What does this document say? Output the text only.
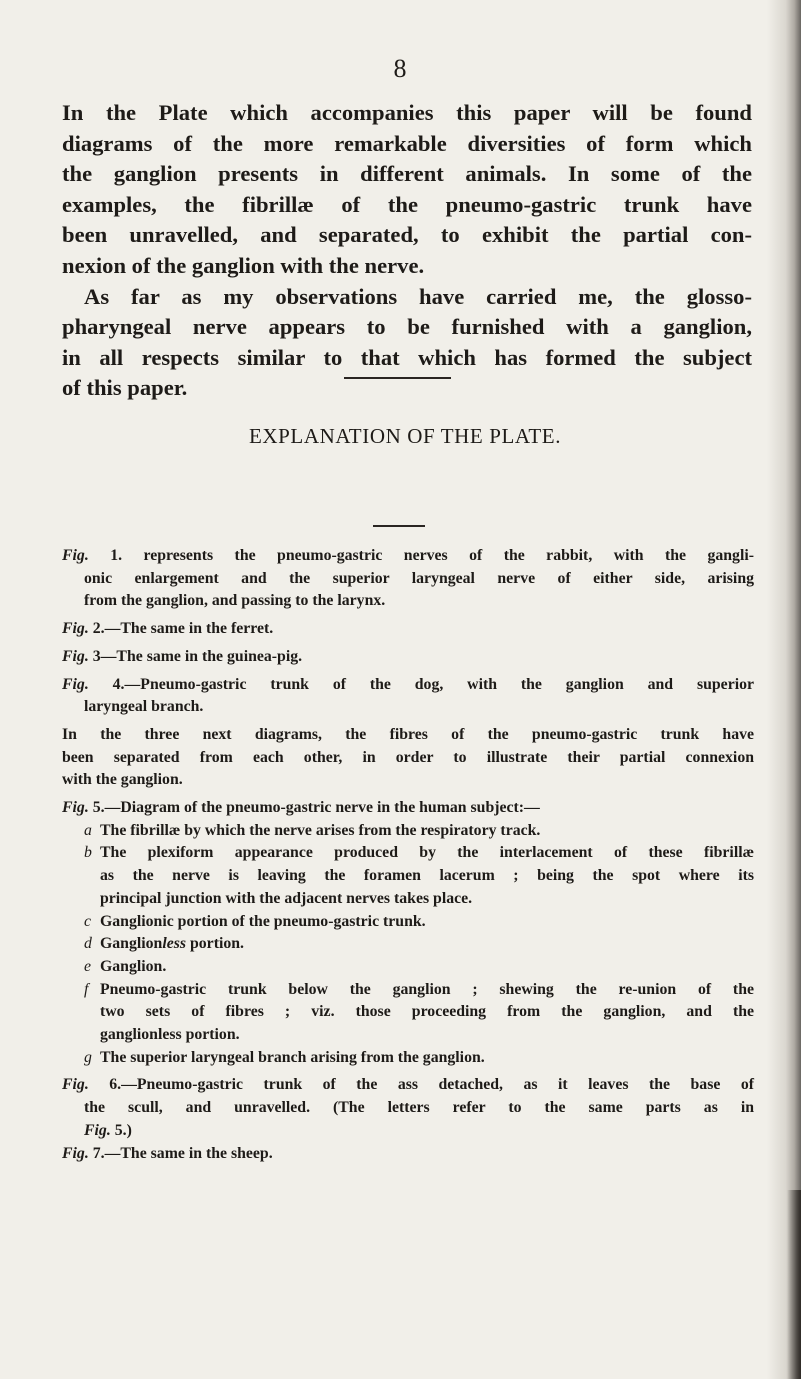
8
In the Plate which accompanies this paper will be found
diagrams of the more remarkable diversities of form which
the ganglion presents in different animals. In some of the
examples, the fibrillæ of the pneumo-gastric trunk have
been unravelled, and separated, to exhibit the partial con-
nexion of the ganglion with the nerve.
As far as my observations have carried me, the glosso-
pharyngeal nerve appears to be furnished with a ganglion,
in all respects similar to that which has formed the subject
of this paper.
EXPLANATION OF THE PLATE.
Fig. 1. represents the pneumo-gastric nerves of the rabbit, with the gangli-
onic enlargement and the superior laryngeal nerve of either side, arising
from the ganglion, and passing to the larynx.
Fig. 2.—The same in the ferret.
Fig. 3—The same in the guinea-pig.
Fig. 4.—Pneumo-gastric trunk of the dog, with the ganglion and superior
laryngeal branch.
In the three next diagrams, the fibres of the pneumo-gastric trunk have
been separated from each other, in order to illustrate their partial connexion
with the ganglion.
Fig. 5.—Diagram of the pneumo-gastric nerve in the human subject:—
a The fibrillæ by which the nerve arises from the respiratory track.
b The plexiform appearance produced by the interlacement of these fibrillæ
as the nerve is leaving the foramen lacerum ; being the spot where its
principal junction with the adjacent nerves takes place.
c Ganglionic portion of the pneumo-gastric trunk.
d Ganglionless portion.
e Ganglion.
f Pneumo-gastric trunk below the ganglion ; shewing the re-union of the
two sets of fibres ; viz. those proceeding from the ganglion, and the
ganglionless portion.
g The superior laryngeal branch arising from the ganglion.
Fig. 6.—Pneumo-gastric trunk of the ass detached, as it leaves the base of
the scull, and unravelled. (The letters refer to the same parts as in
Fig. 5.)
Fig. 7.—The same in the sheep.
